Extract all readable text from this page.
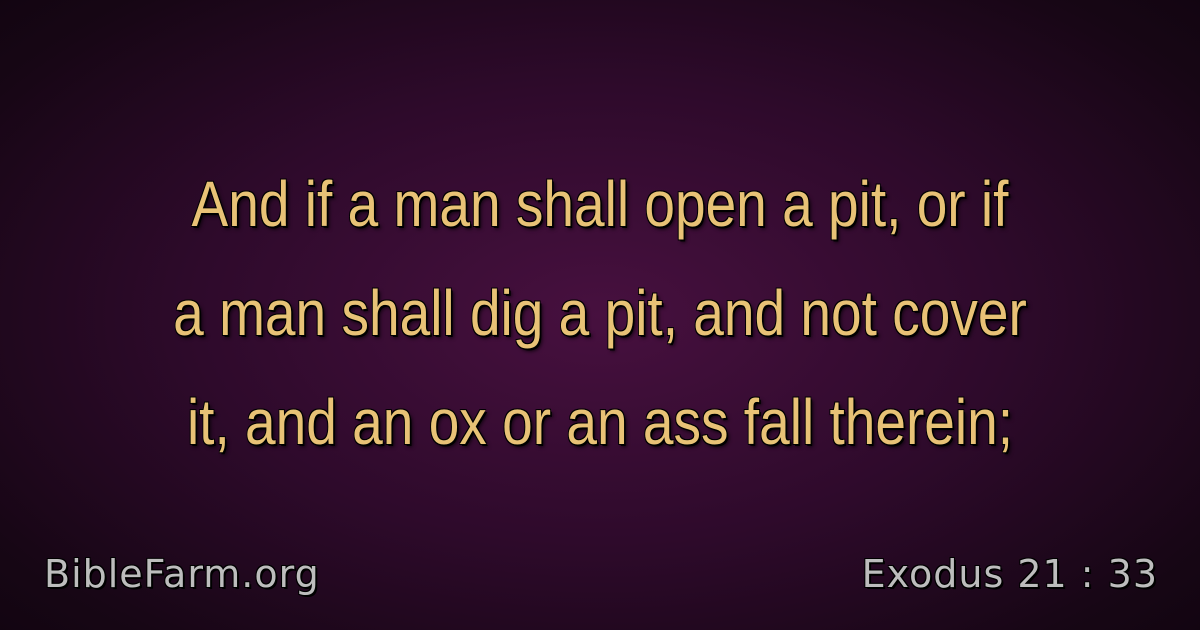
And if a man shall open a pit, or if
a man shall dig a pit, and not cover
it, and an ox or an ass fall therein;
BibleFarm.org	Exodus 21 : 33
